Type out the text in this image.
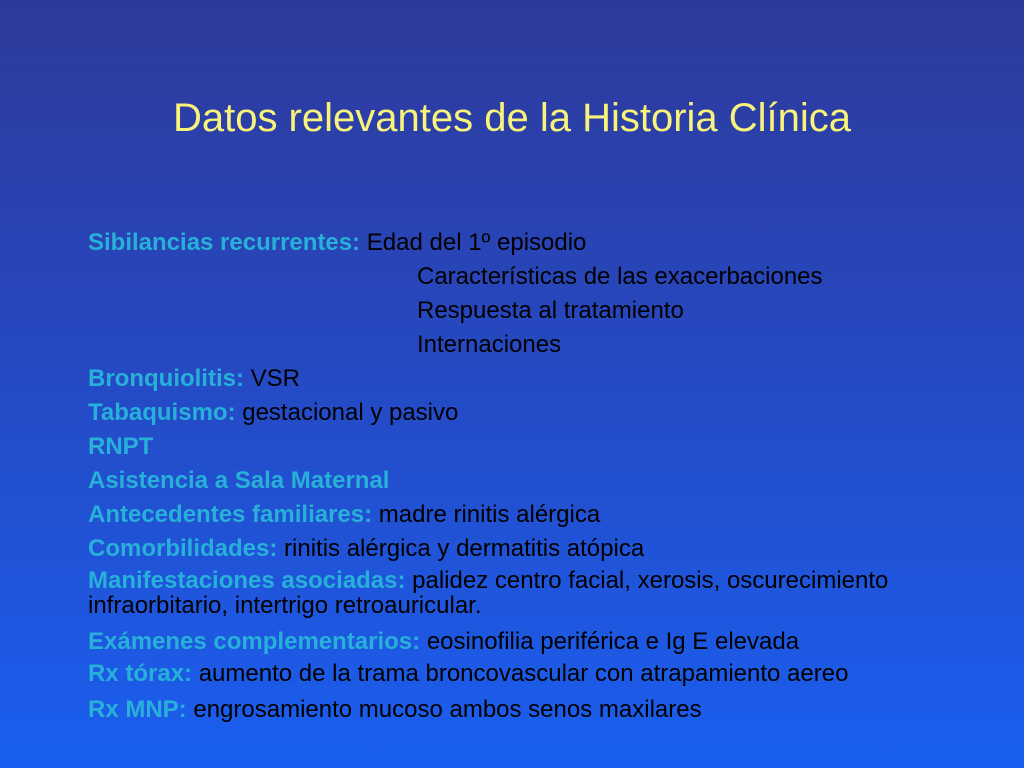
Datos relevantes de la Historia Clínica

Sibilancias recurrentes: Edad del 1º episodio

Características de las exacerbaciones

Respuesta al tratamiento

Internaciones

Bronquiolitis: VSR

Tabaquismo: gestacional y pasivo

RNPT

Asistencia a Sala Maternal

Antecedentes familiares: madre rinitis alérgica

Comorbilidades: rinitis alérgica y dermatitis atópica

Manifestaciones asociadas: palidez centro facial, xerosis, oscurecimiento infraorbitario, intertrigo retroauricular.

Exámenes complementarios: eosinofilia periférica e Ig E elevada

Rx tórax: aumento de la trama broncovascular con atrapamiento aereo

Rx MNP: engrosamiento mucoso ambos senos maxilares
